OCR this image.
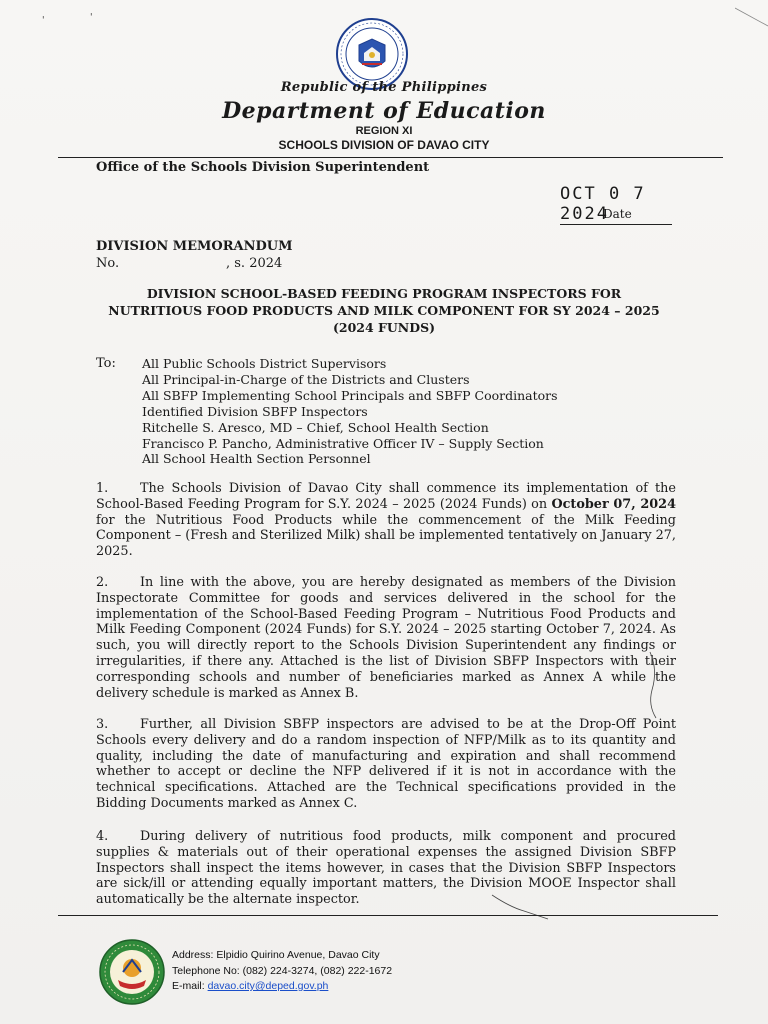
'	'

Republic of the Philippines

Department of Education

REGION XI

SCHOOLS DIVISION OF DAVAO CITY

Office of the Schools Division Superintendent
OCT 0 7 2024
Date
DIVISION MEMORANDUM
No.	, s. 2024
DIVISION SCHOOL-BASED FEEDING PROGRAM INSPECTORS FOR
NUTRITIOUS FOOD PRODUCTS AND MILK COMPONENT FOR SY 2024 – 2025
(2024 FUNDS)
To: All Public Schools District Supervisors
All Principal-in-Charge of the Districts and Clusters
All SBFP Implementing School Principals and SBFP Coordinators
Identified Division SBFP Inspectors
Ritchelle S. Aresco, MD – Chief, School Health Section
Francisco P. Pancho, Administrative Officer IV – Supply Section
All School Health Section Personnel

1. The Schools Division of Davao City shall commence its implementation of the School-Based Feeding Program for S.Y. 2024 – 2025 (2024 Funds) on October 07, 2024 for the Nutritious Food Products while the commencement of the Milk Feeding Component – (Fresh and Sterilized Milk) shall be implemented tentatively on January 27, 2025.

2. In line with the above, you are hereby designated as members of the Division Inspectorate Committee for goods and services delivered in the school for the implementation of the School-Based Feeding Program – Nutritious Food Products and Milk Feeding Component (2024 Funds) for S.Y. 2024 – 2025 starting October 7, 2024. As such, you will directly report to the Schools Division Superintendent any findings or irregularities, if there any. Attached is the list of Division SBFP Inspectors with their corresponding schools and number of beneficiaries marked as Annex A while the delivery schedule is marked as Annex B.

3. Further, all Division SBFP inspectors are advised to be at the Drop-Off Point Schools every delivery and do a random inspection of NFP/Milk as to its quantity and quality, including the date of manufacturing and expiration and shall recommend whether to accept or decline the NFP delivered if it is not in accordance with the technical specifications. Attached are the Technical specifications provided in the Bidding Documents marked as Annex C.

4. During delivery of nutritious food products, milk component and procured supplies & materials out of their operational expenses the assigned Division SBFP Inspectors shall inspect the items however, in cases that the Division SBFP Inspectors are sick/ill or attending equally important matters, the Division MOOE Inspector shall automatically be the alternate inspector.

Address: Elpidio Quirino Avenue, Davao City
Telephone No: (082) 224-3274, (082) 222-1672
E-mail: davao.city@deped.gov.ph
